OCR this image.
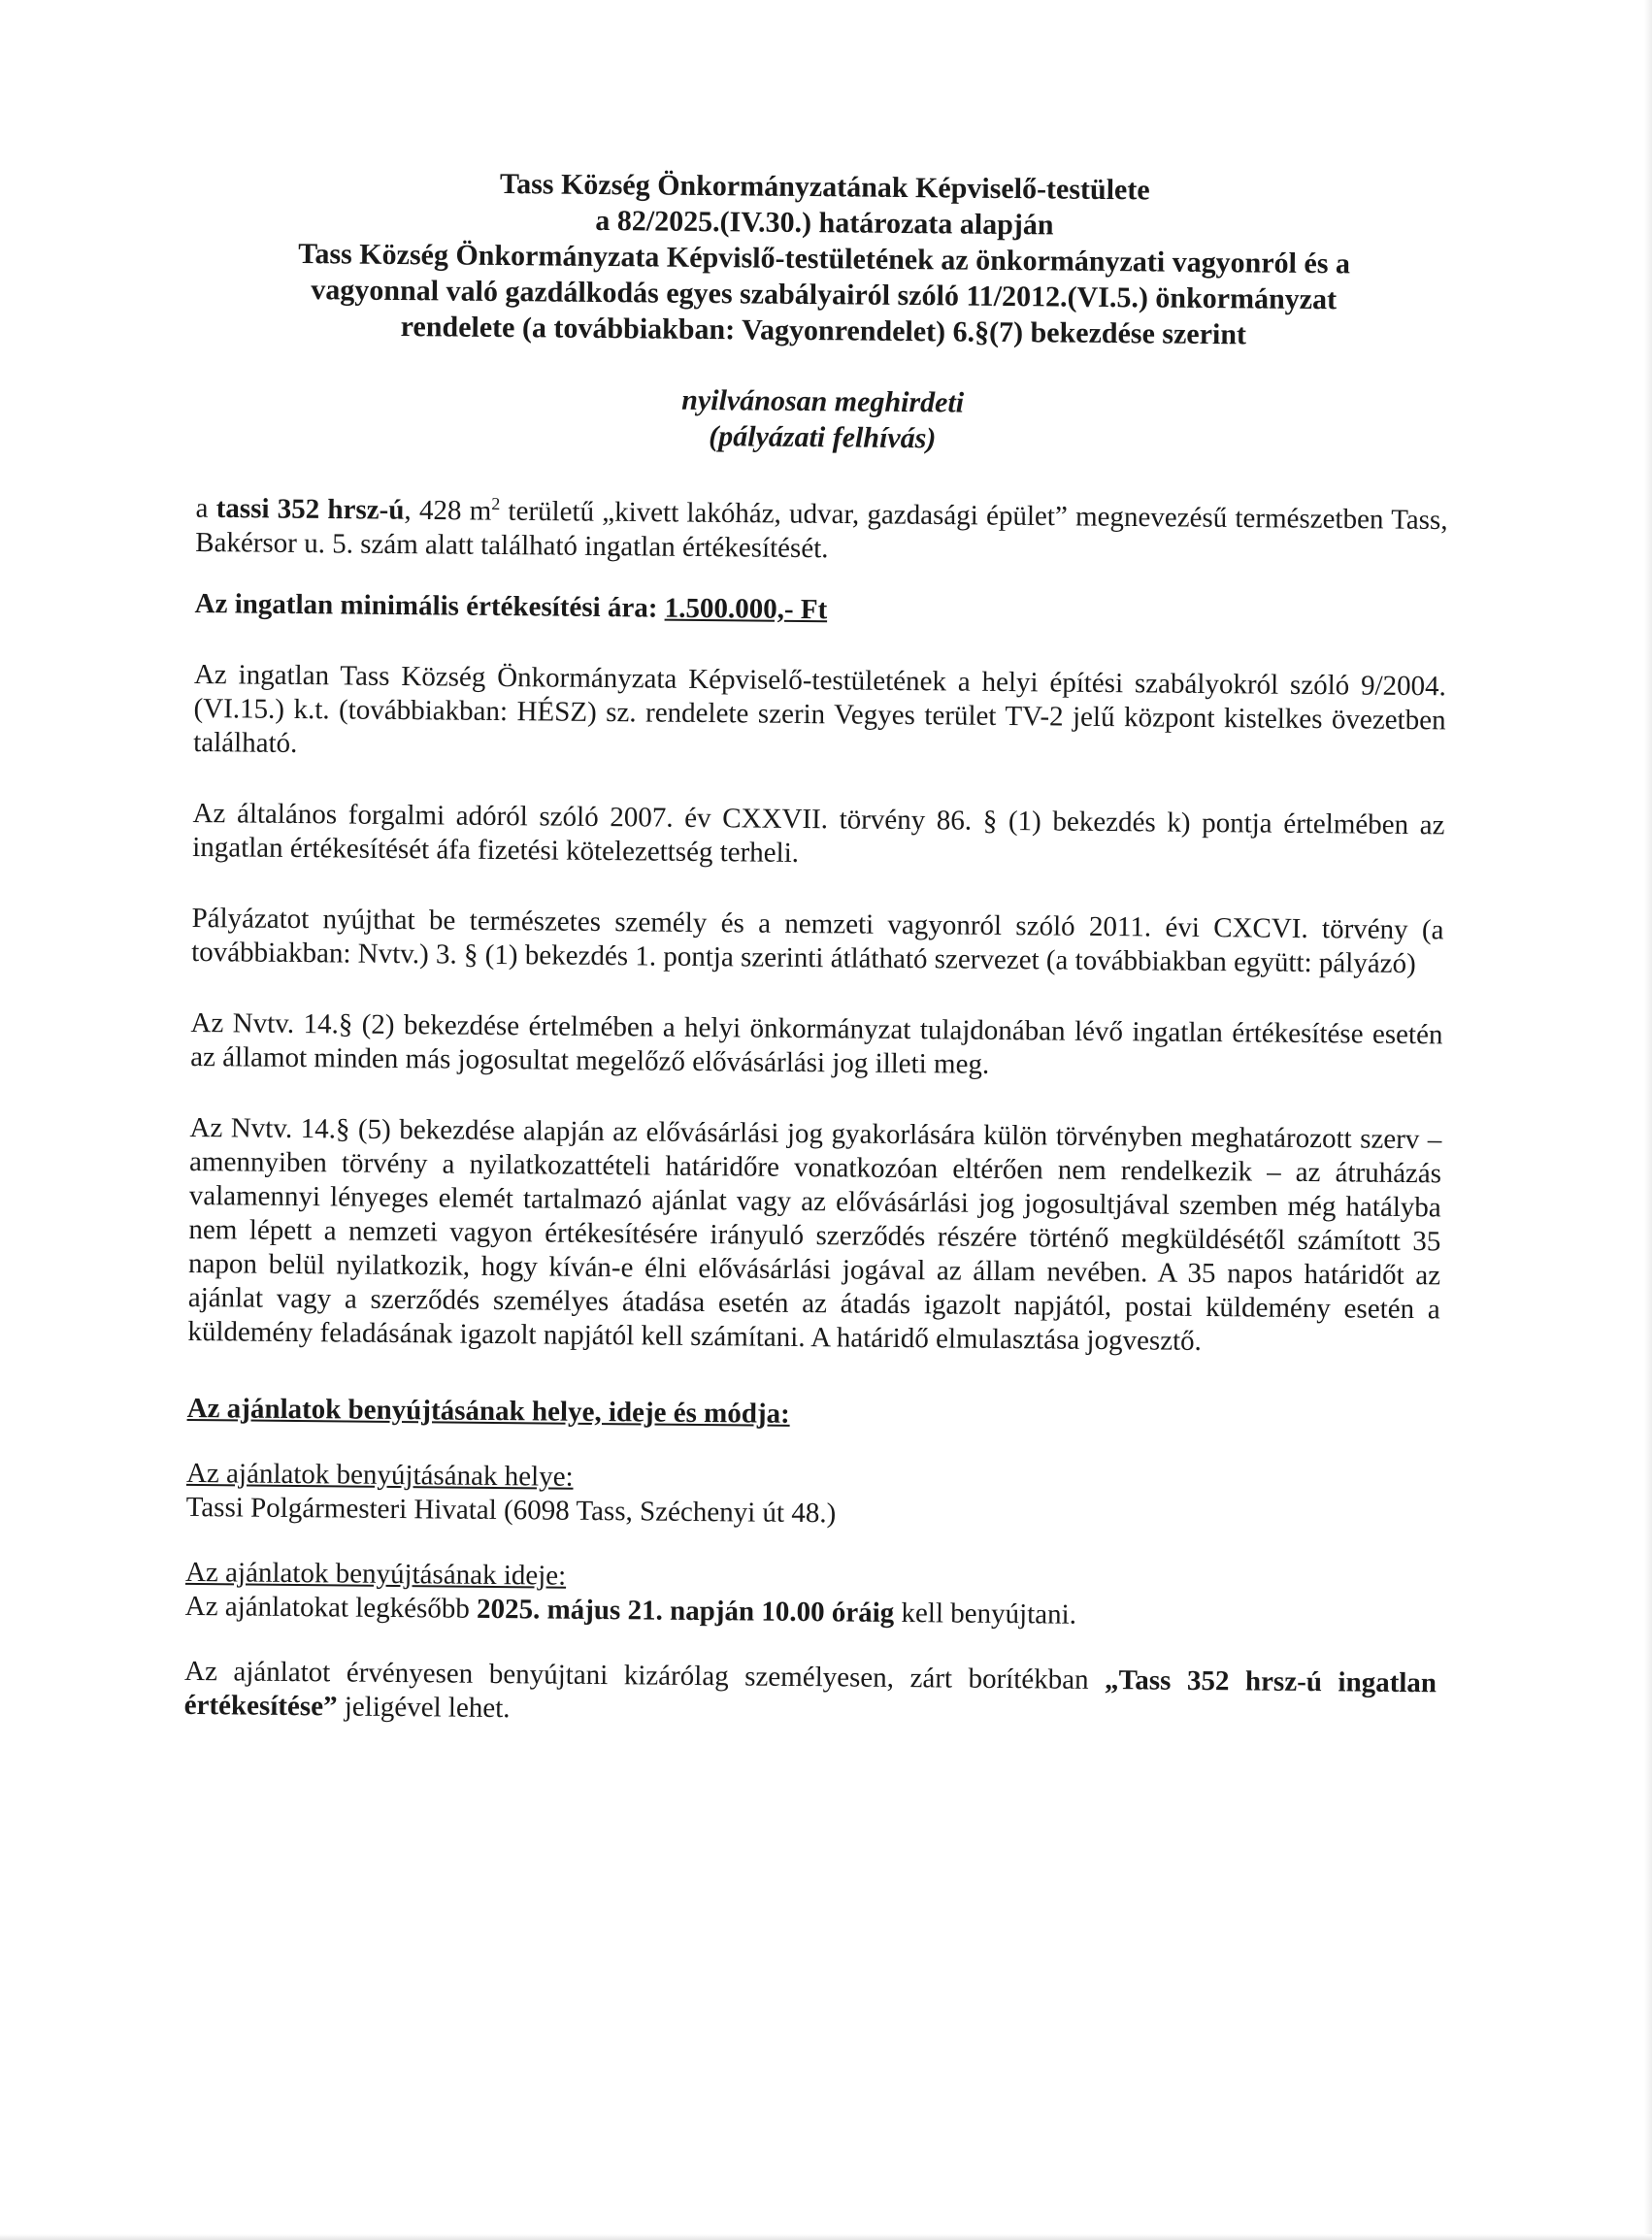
Tass Község Önkormányzatának Képviselő-testülete
a 82/2025.(IV.30.) határozata alapján
Tass Község Önkormányzata Képvislő-testületének az önkormányzati vagyonról és a
vagyonnal való gazdálkodás egyes szabályairól szóló 11/2012.(VI.5.) önkormányzat
rendelete (a továbbiakban: Vagyonrendelet) 6.§(7) bekezdése szerint
nyilvánosan meghirdeti
(pályázati felhívás)

a tassi 352 hrsz-ú, 428 $m^2$ területű „kivett lakóház, udvar, gazdasági épület” megnevezésű természetben Tass, Bakérsor u. 5. szám alatt található ingatlan értékesítését.

Az ingatlan minimális értékesítési ára: 1.500.000,- Ft

Az ingatlan Tass Község Önkormányzata Képviselő-testületének a helyi építési szabályokról szóló 9/2004. (VI.15.) k.t. (továbbiakban: HÉSZ) sz. rendelete szerin Vegyes terület TV-2 jelű központ kistelkes övezetben található.

Az általános forgalmi adóról szóló 2007. év CXXVII. törvény 86. § (1) bekezdés k) pontja értelmében az ingatlan értékesítését áfa fizetési kötelezettség terheli.

Pályázatot nyújthat be természetes személy és a nemzeti vagyonról szóló 2011. évi CXCVI. törvény (a továbbiakban: Nvtv.) 3. § (1) bekezdés 1. pontja szerinti átlátható szervezet (a továbbiakban együtt: pályázó)

Az Nvtv. 14.§ (2) bekezdése értelmében a helyi önkormányzat tulajdonában lévő ingatlan értékesítése esetén az államot minden más jogosultat megelőző elővásárlási jog illeti meg.

Az Nvtv. 14.§ (5) bekezdése alapján az elővásárlási jog gyakorlására külön törvényben meghatározott szerv – amennyiben törvény a nyilatkozattételi határidőre vonatkozóan eltérően nem rendelkezik – az átruházás valamennyi lényeges elemét tartalmazó ajánlat vagy az elővásárlási jog jogosultjával szemben még hatályba nem lépett a nemzeti vagyon értékesítésére irányuló szerződés részére történő megküldésétől számított 35 napon belül nyilatkozik, hogy kíván-e élni elővásárlási jogával az állam nevében. A 35 napos határidőt az ajánlat vagy a szerződés személyes átadása esetén az átadás igazolt napjától, postai küldemény esetén a küldemény feladásának igazolt napjától kell számítani. A határidő elmulasztása jogvesztő.

Az ajánlatok benyújtásának helye, ideje és módja:
Az ajánlatok benyújtásának helye:

Tassi Polgármesteri Hivatal (6098 Tass, Széchenyi út 48.)

Az ajánlatok benyújtásának ideje:

Az ajánlatokat legkésőbb 2025. május 21. napján 10.00 óráig kell benyújtani.

Az ajánlatot érvényesen benyújtani kizárólag személyesen, zárt borítékban „Tass 352 hrsz-ú ingatlan értékesítése” jeligével lehet.
